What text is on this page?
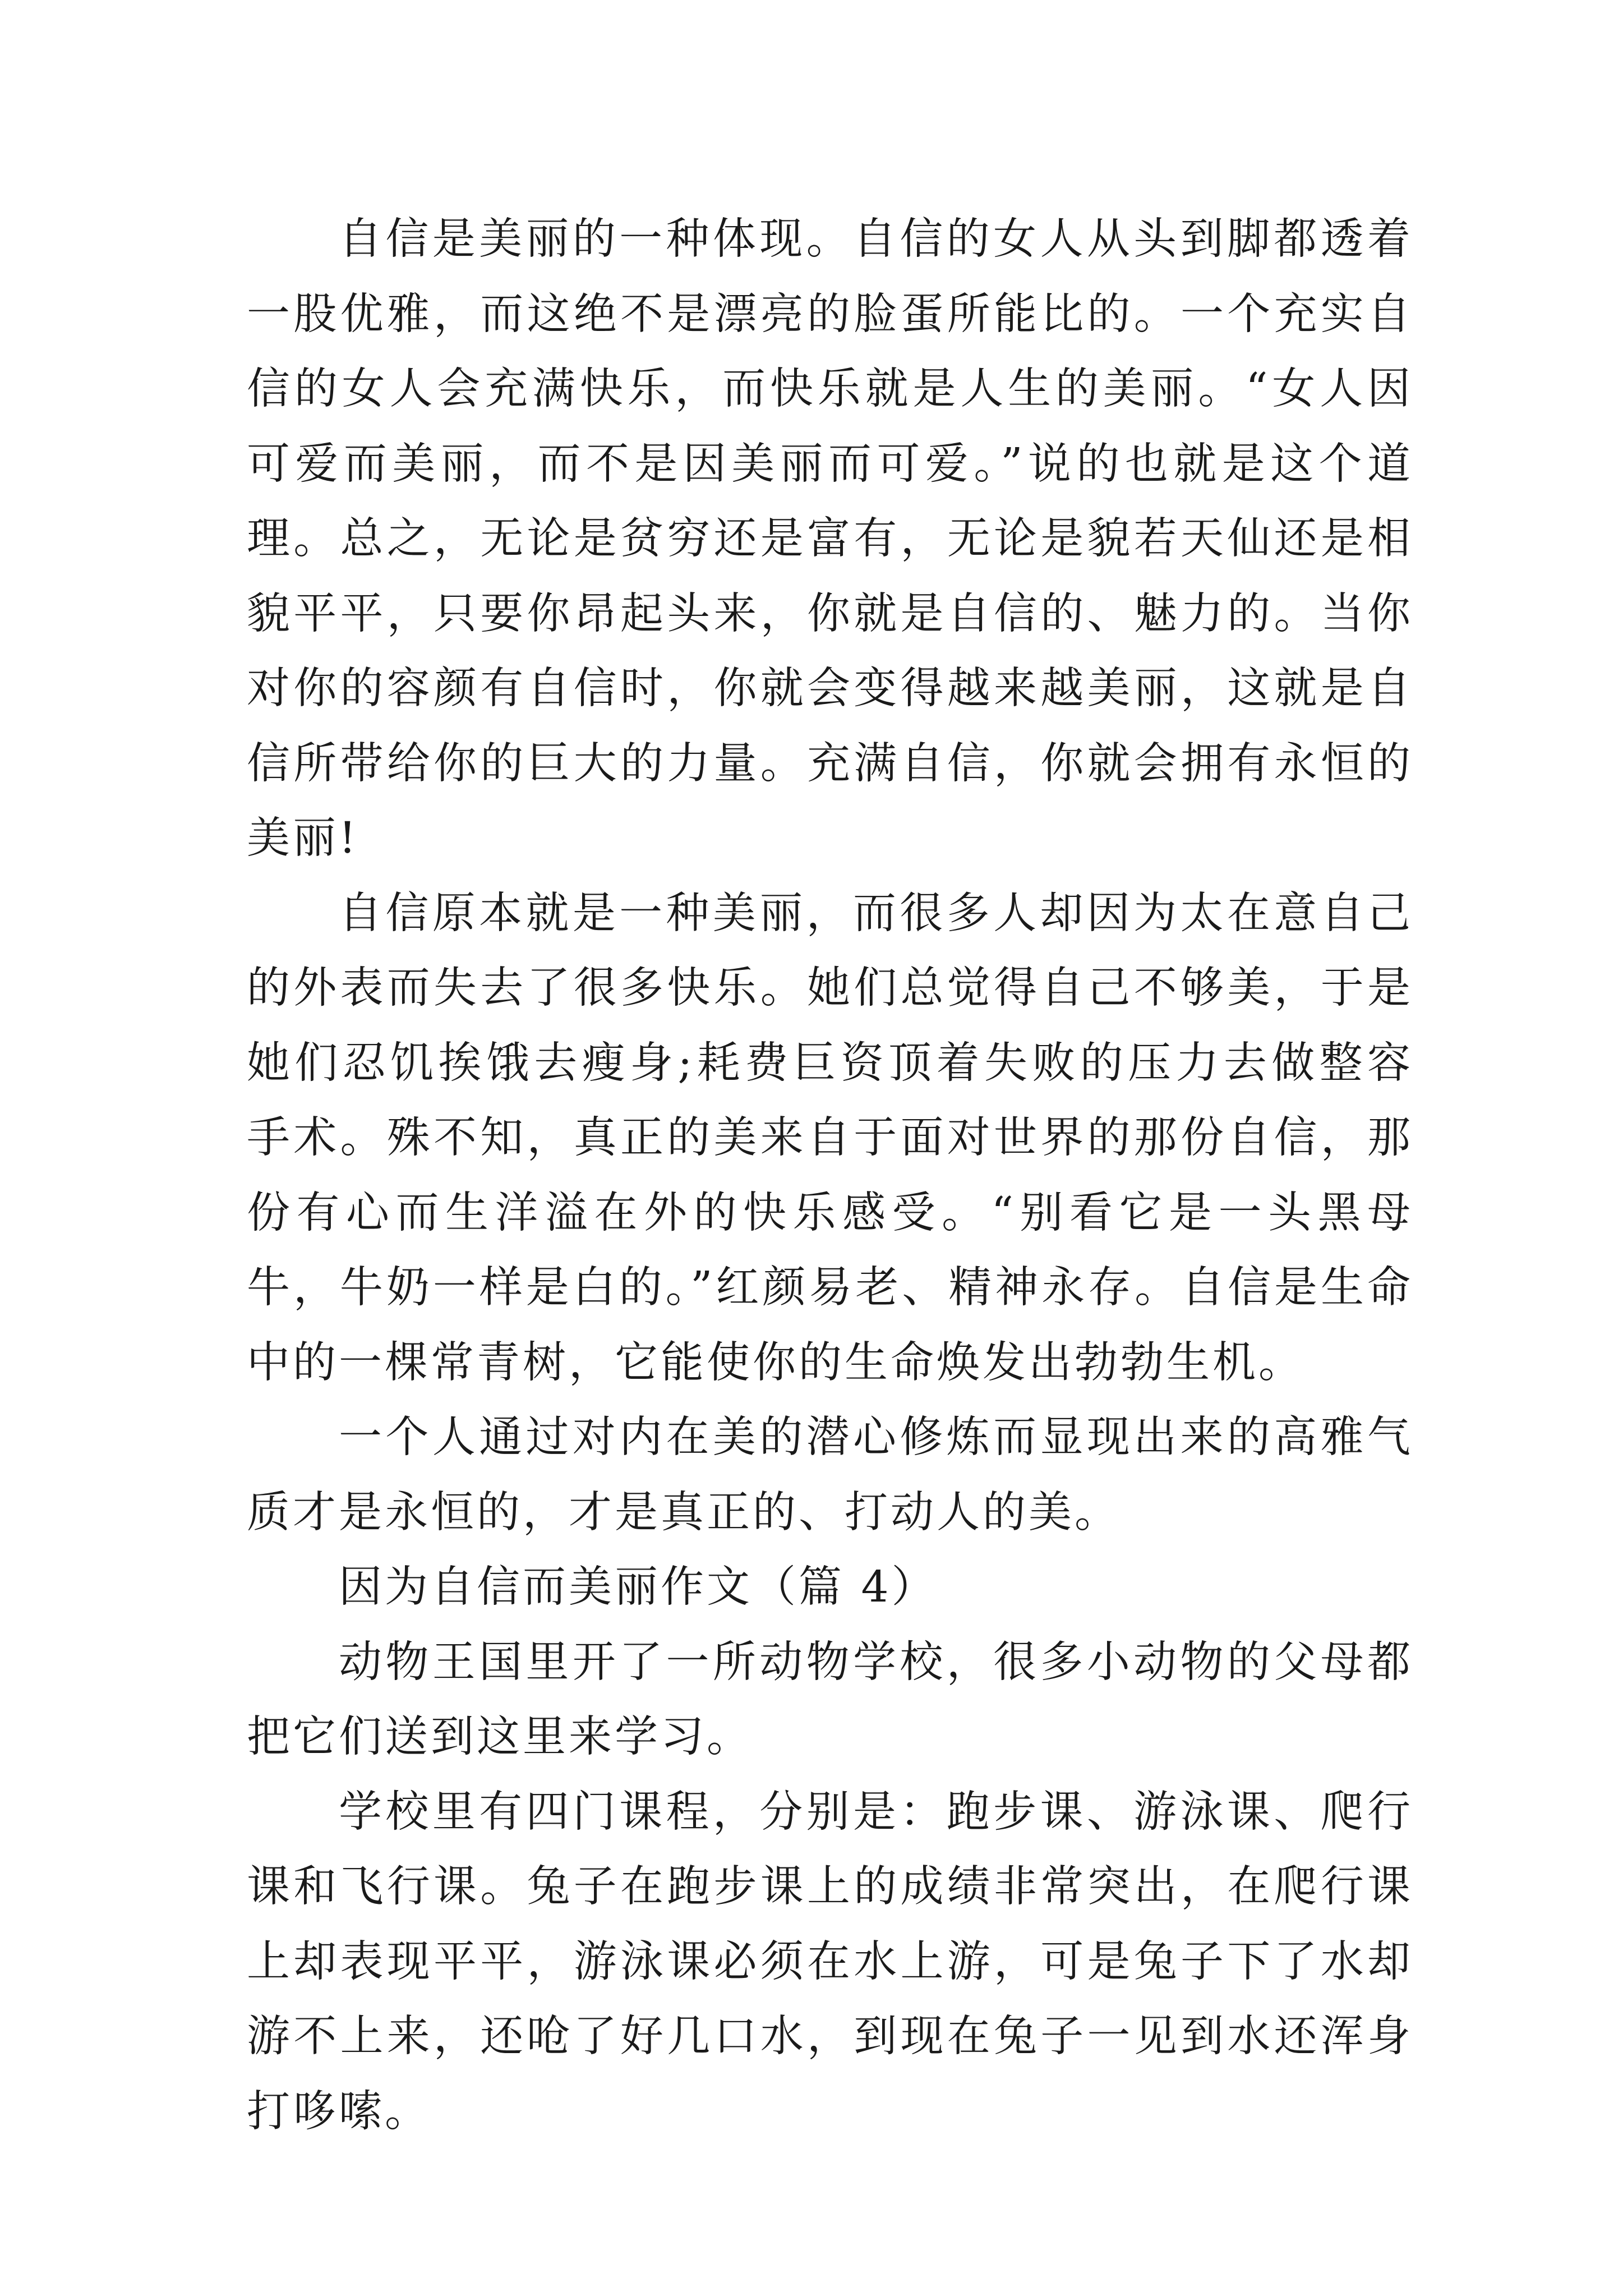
自信是美丽的一种体现。自信的女人从头到脚都透着一股优雅，而这绝不是漂亮的脸蛋所能比的。一个充实自信的女人会充满快乐，而快乐就是人生的美丽。“女人因可爱而美丽，而不是因美丽而可爱。”说的也就是这个道理。总之，无论是贫穷还是富有，无论是貌若天仙还是相貌平平，只要你昂起头来，你就是自信的、魅力的。当你对你的容颜有自信时，你就会变得越来越美丽，这就是自信所带给你的巨大的力量。充满自信，你就会拥有永恒的美丽!

自信原本就是一种美丽，而很多人却因为太在意自己的外表而失去了很多快乐。她们总觉得自己不够美，于是她们忍饥挨饿去瘦身;耗费巨资顶着失败的压力去做整容手术。殊不知，真正的美来自于面对世界的那份自信，那份有心而生洋溢在外的快乐感受。“别看它是一头黑母牛，牛奶一样是白的。”红颜易老、精神永存。自信是生命中的一棵常青树，它能使你的生命焕发出勃勃生机。

一个人通过对内在美的潜心修炼而显现出来的高雅气质才是永恒的，才是真正的、打动人的美。

因为自信而美丽作文（篇 4）

动物王国里开了一所动物学校，很多小动物的父母都把它们送到这里来学习。

学校里有四门课程，分别是：跑步课、游泳课、爬行课和飞行课。兔子在跑步课上的成绩非常突出，在爬行课上却表现平平，游泳课必须在水上游，可是兔子下了水却游不上来，还呛了好几口水，到现在兔子一见到水还浑身打哆嗦。
